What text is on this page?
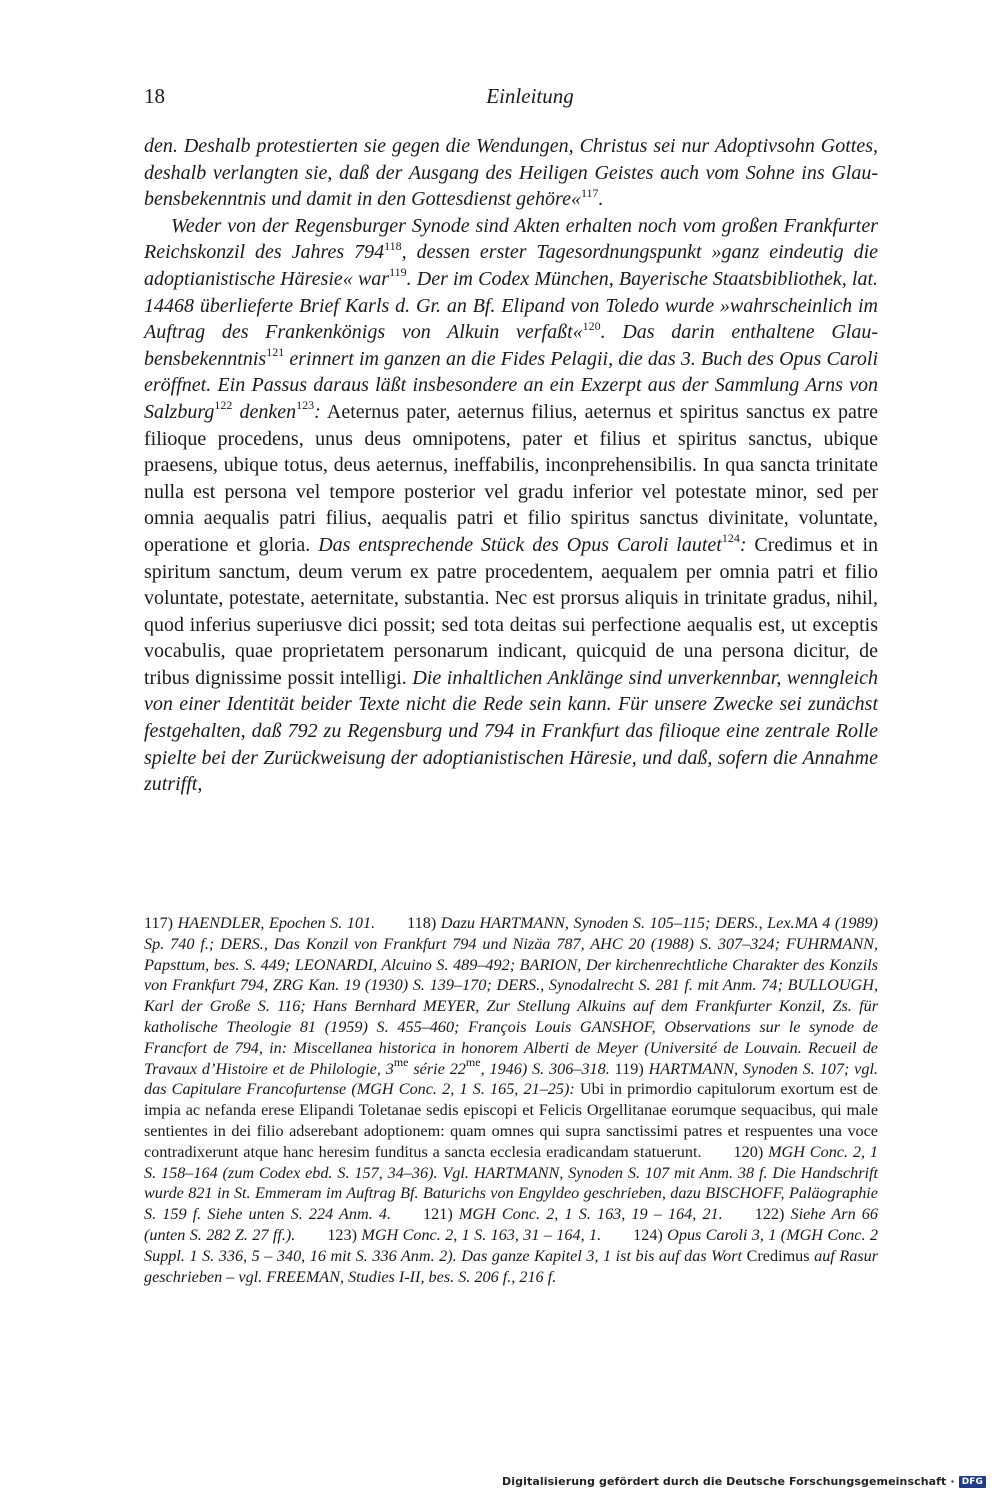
18	Einleitung

den. Deshalb protestierten sie gegen die Wendungen, Christus sei nur Adoptivsohn Gottes, deshalb verlangten sie, daß der Ausgang des Heiligen Geistes auch vom Sohne ins Glaubensbekenntnis und damit in den Gottesdienst gehöre«$^{117}$.

Weder von der Regensburger Synode sind Akten erhalten noch vom großen Frankfurter Reichskonzil des Jahres $794^{118}$, dessen erster Tagesordnungspunkt »ganz eindeutig die adoptianistische Häresie« war$^{119}$. Der im Codex München, Bayerische Staatsbibliothek, lat. 14468 überlieferte Brief Karls d. Gr. an Bf. Elipand von Toledo wurde »wahrscheinlich im Auftrag des Frankenkönigs von Alkuin verfaßt«$^{120}$. Das darin enthaltene Glaubensbekenntnis$^{121}$ erinnert im ganzen an die Fides Pelagii, die das 3. Buch des Opus Caroli eröffnet. Ein Passus daraus läßt insbesondere an ein Exzerpt aus der Sammlung Arns von Salzburg$^{122}$ denken$^{123}$: Aeternus pater, aeternus filius, aeternus et spiritus sanctus ex patre filioque procedens, unus deus omnipotens, pater et filius et spiritus sanctus, ubique praesens, ubique totus, deus aeternus, ineffabilis, inconprehensibilis. In qua sancta trinitate nulla est persona vel tempore posterior vel gradu inferior vel potestate minor, sed per omnia aequalis patri filius, aequalis patri et filio spiritus sanctus divinitate, voluntate, operatione et gloria. Das entsprechende Stück des Opus Caroli lautet$^{124}$: Credimus et in spiritum sanctum, deum verum ex patre procedentem, aequalem per omnia patri et filio voluntate, potestate, aeternitate, substantia. Nec est prorsus aliquis in trinitate gradus, nihil, quod inferius superiusve dici possit; sed tota deitas sui perfectione aequalis est, ut exceptis vocabulis, quae proprietatem personarum indicant, quicquid de una persona dicitur, de tribus dignissime possit intelligi. Die inhaltlichen Anklänge sind unverkennbar, wenngleich von einer Identität beider Texte nicht die Rede sein kann. Für unsere Zwecke sei zunächst festgehalten, daß 792 zu Regensburg und 794 in Frankfurt das filioque eine zentrale Rolle spielte bei der Zurückweisung der adoptianistischen Häresie, und daß, sofern die Annahme zutrifft,

117) HAENDLER, Epochen S. 101. 118) Dazu HARTMANN, Synoden S. 105–115; DERS., Lex.MA 4 (1989) Sp. 740 f.; DERS., Das Konzil von Frankfurt 794 und Nizäa 787, AHC 20 (1988) S. 307–324; FUHRMANN, Papsttum, bes. S. 449; LEONARDI, Alcuino S. 489–492; BARION, Der kirchenrechtliche Charakter des Konzils von Frankfurt 794, ZRG Kan. 19 (1930) S. 139–170; DERS., Synodalrecht S. 281 f. mit Anm. 74; BULLOUGH, Karl der Große S. 116; Hans Bernhard MEYER, Zur Stellung Alkuins auf dem Frankfurter Konzil, Zs. für katholische Theologie 81 (1959) S. 455–460; François Louis GANSHOF, Observations sur le synode de Francfort de 794, in: Miscellanea historica in honorem Alberti de Meyer (Université de Louvain. Recueil de Travaux d’Histoire et de Philologie, $3^{me}$ série $22^{me}$, 1946) S. 306–318. 119) HARTMANN, Synoden S. 107; vgl. das Capitulare Francofurtense (MGH Conc. 2, 1 S. 165, 21–25): Ubi in primordio capitulorum exortum est de impia ac nefanda erese Elipandi Toletanae sedis episcopi et Felicis Orgellitanae eorumque sequacibus, qui male sentientes in dei filio adserebant adoptionem: quam omnes qui supra sanctissimi patres et respuentes una voce contradixerunt atque hanc heresim funditus a sancta ecclesia eradicandam statuerunt. 120) MGH Conc. 2, 1 S. 158–164 (zum Codex ebd. S. 157, 34–36). Vgl. HARTMANN, Synoden S. 107 mit Anm. 38 f. Die Handschrift wurde 821 in St. Emmeram im Auftrag Bf. Baturichs von Engyldeo geschrieben, dazu BISCHOFF, Paläographie S. 159 f. Siehe unten S. 224 Anm. 4. 121) MGH Conc. 2, 1 S. 163, 19 – 164, 21. 122) Siehe Arn 66 (unten S. 282 Z. 27 ff.). 123) MGH Conc. 2, 1 S. 163, 31 – 164, 1. 124) Opus Caroli 3, 1 (MGH Conc. 2 Suppl. 1 S. 336, 5 – 340, 16 mit S. 336 Anm. 2). Das ganze Kapitel 3, 1 ist bis auf das Wort Credimus auf Rasur geschrieben – vgl. FREEMAN, Studies I-II, bes. S. 206 f., 216 f.

Digitalisierung gefördert durch die Deutsche Forschungsgemeinschaft · DFG
